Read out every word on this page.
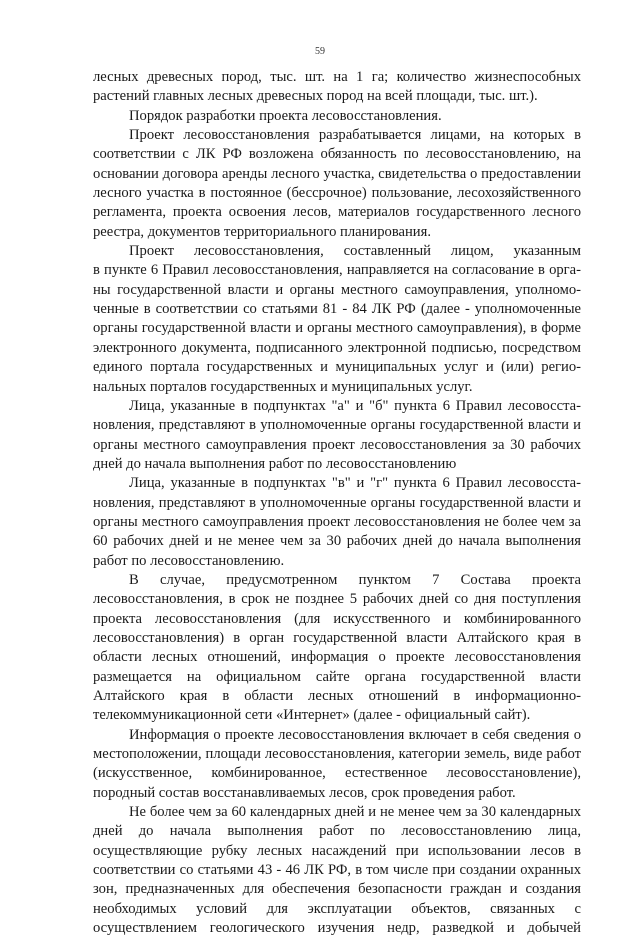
59
лесных древесных пород, тыс. шт. на 1 га; количество жизнеспособных
растений главных лесных древесных пород на всей площади, тыс. шт.).
Порядок разработки проекта лесовосстановления.
Проект лесовосстановления разрабатывается лицами, на которых в
соответствии с ЛК РФ возложена обязанность по лесовосстановлению, на
основании договора аренды лесного участка, свидетельства о предоставлении
лесного участка в постоянное (бессрочное) пользование, лесохозяйственного
регламента, проекта освоения лесов, материалов государственного лесного
реестра, документов территориального планирования.
Проект лесовосстановления, составленный лицом, указанным
в пункте 6 Правил лесовосстановления, направляется на согласование в орга-
ны государственной власти и органы местного самоуправления, уполномо-
ченные в соответствии со статьями 81 - 84 ЛК РФ (далее - уполномоченные
органы государственной власти и органы местного самоуправления), в форме
электронного документа, подписанного электронной подписью, посредством
единого портала государственных и муниципальных услуг и (или) регио-
нальных порталов государственных и муниципальных услуг.
Лица, указанные в подпунктах "а" и "б" пункта 6 Правил лесовосста-
новления, представляют в уполномоченные органы государственной власти и
органы местного самоуправления проект лесовосстановления за 30 рабочих
дней до начала выполнения работ по лесовосстановлению
Лица, указанные в подпунктах "в" и "г" пункта 6 Правил лесовосста-
новления, представляют в уполномоченные органы государственной власти и
органы местного самоуправления проект лесовосстановления не более чем за
60 рабочих дней и не менее чем за 30 рабочих дней до начала выполнения
работ по лесовосстановлению.
В случае, предусмотренном пунктом 7 Состава проекта
лесовосстановления, в срок не позднее 5 рабочих дней со дня поступления
проекта лесовосстановления (для искусственного и комбинированного
лесовосстановления) в орган государственной власти Алтайского края в
области лесных отношений, информация о проекте лесовосстановления
размещается на официальном сайте органа государственной власти
Алтайского края в области лесных отношений в информационно-
телекоммуникационной сети «Интернет» (далее - официальный сайт).
Информация о проекте лесовосстановления включает в себя сведения о
местоположении, площади лесовосстановления, категории земель, виде работ
(искусственное, комбинированное, естественное лесовосстановление),
породный состав восстанавливаемых лесов, срок проведения работ.
Не более чем за 60 календарных дней и не менее чем за 30 календарных
дней до начала выполнения работ по лесовосстановлению лица,
осуществляющие рубку лесных насаждений при использовании лесов в
соответствии со статьями 43 - 46 ЛК РФ, в том числе при создании охранных
зон, предназначенных для обеспечения безопасности граждан и создания
необходимых условий для эксплуатации объектов, связанных с
осуществлением геологического изучения недр, разведкой и добычей
